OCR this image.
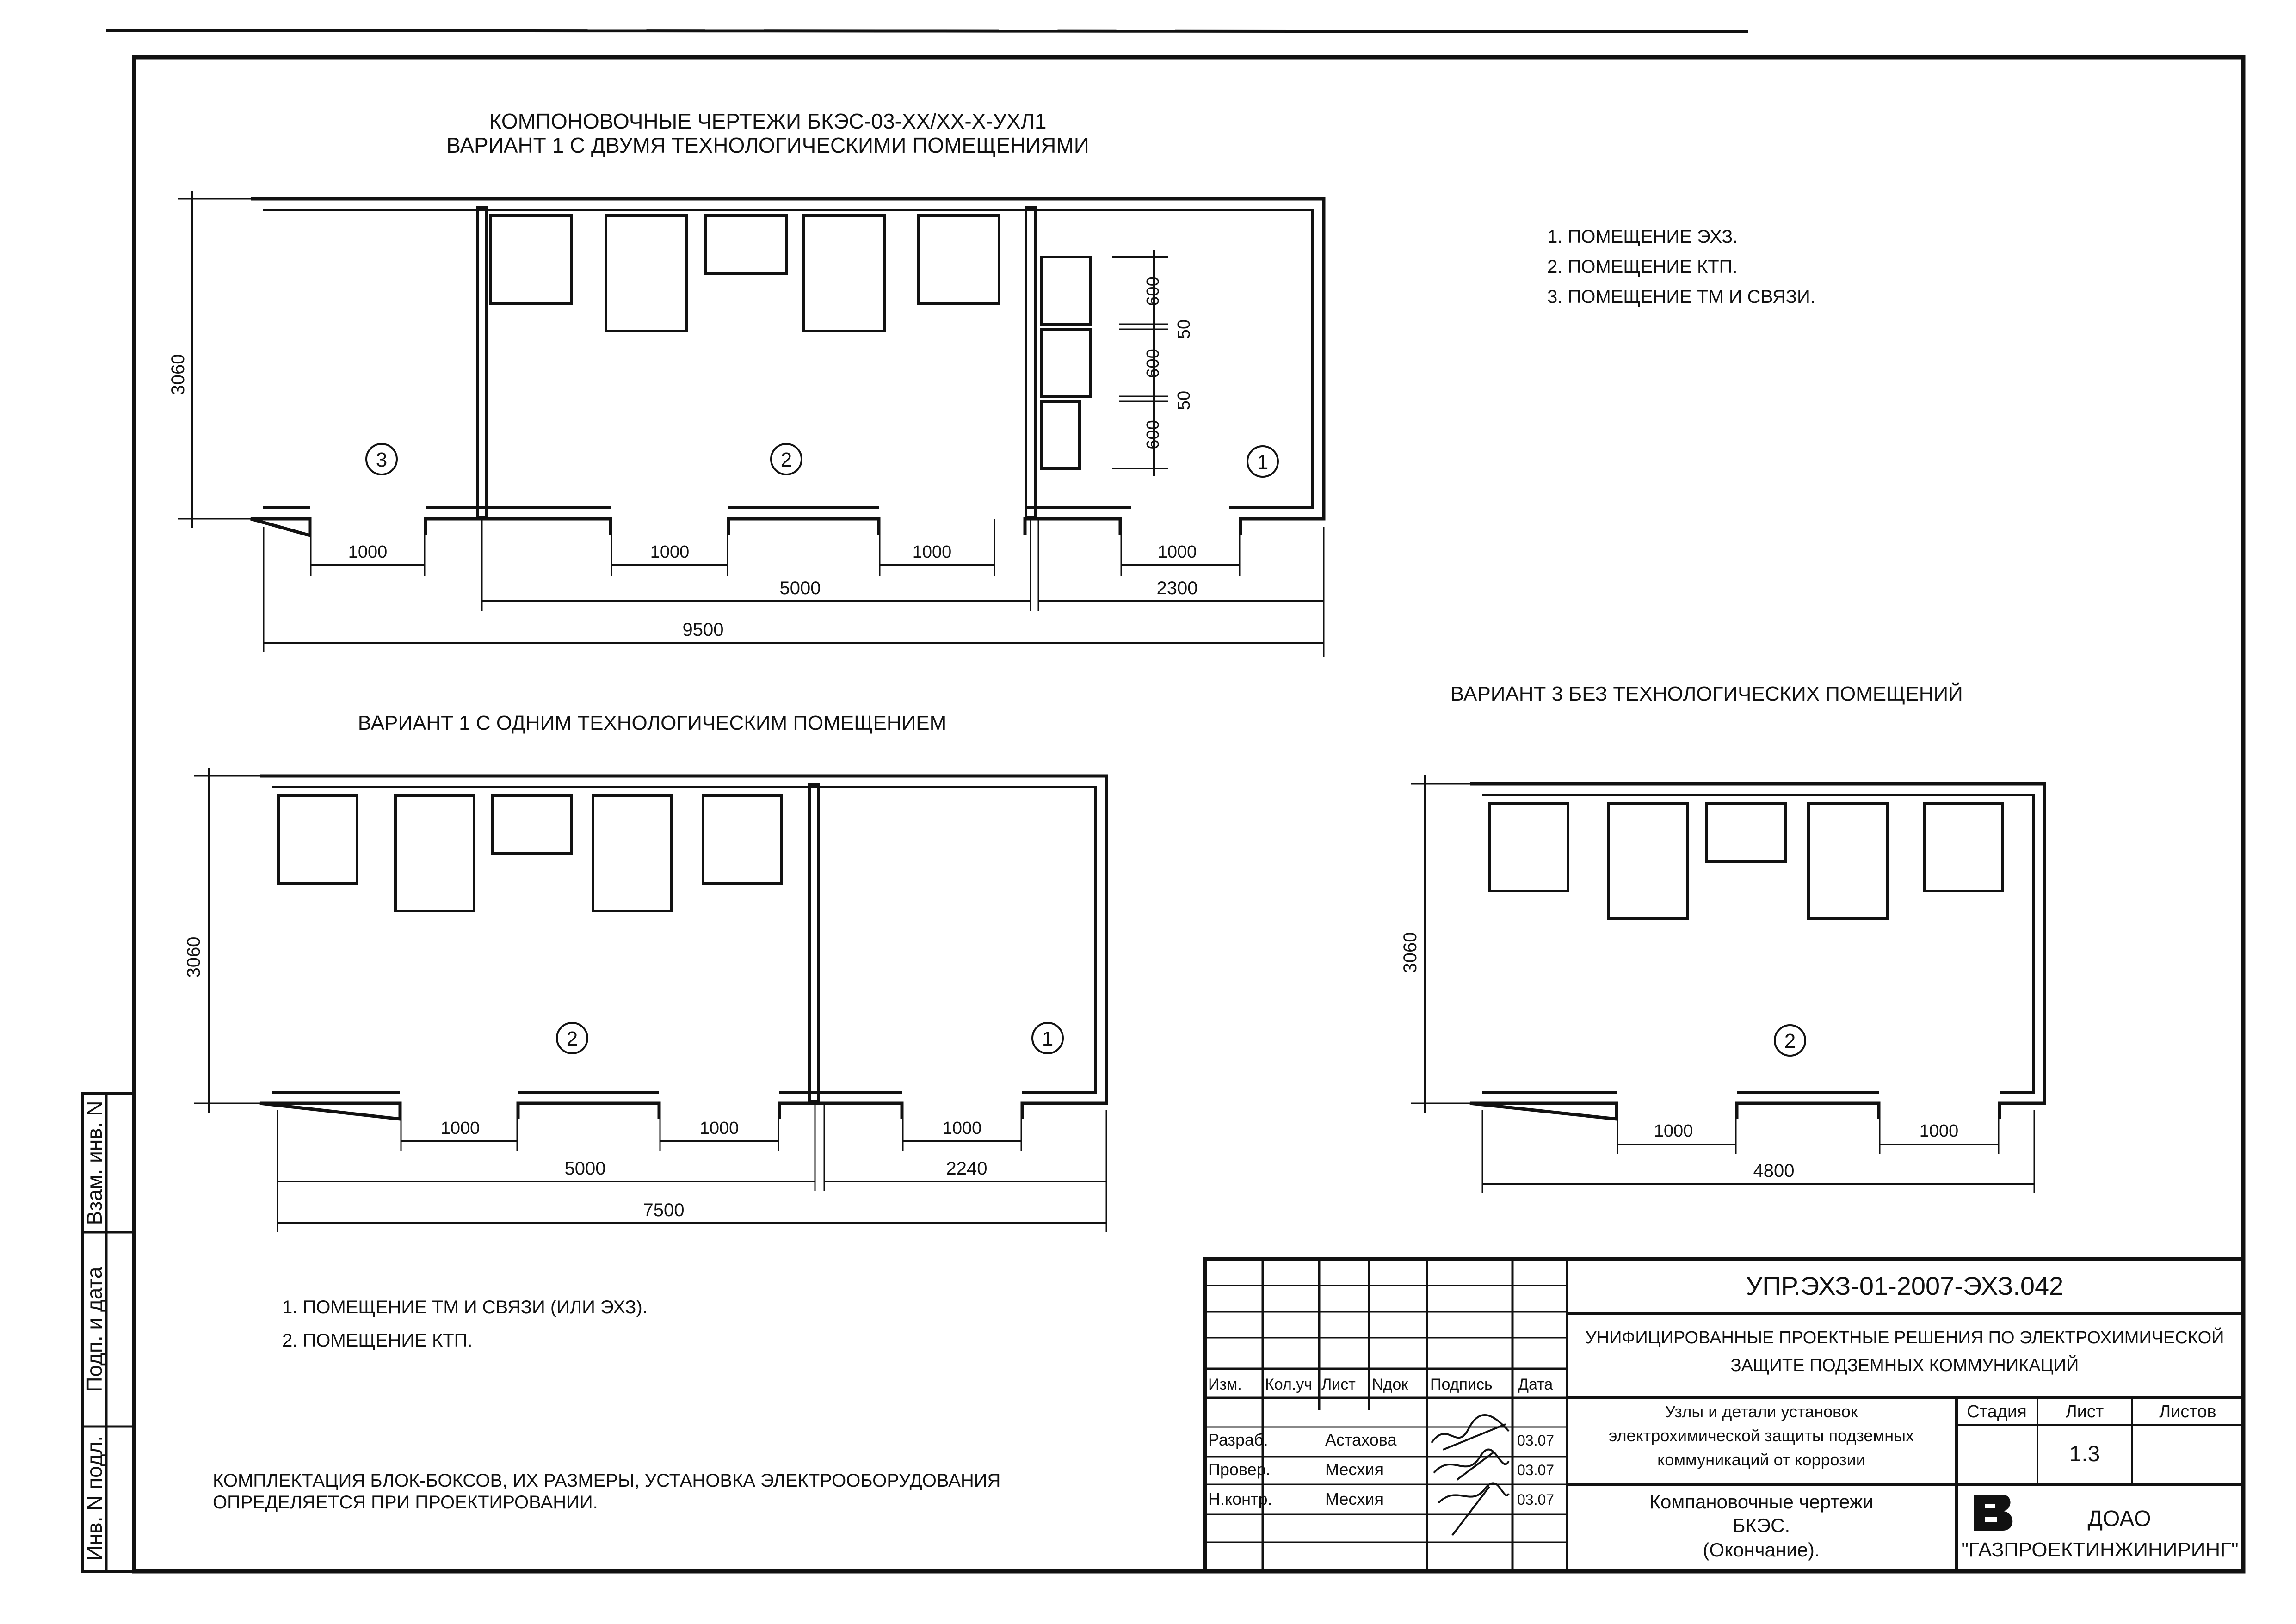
КОМПОНОВОЧНЫЕ ЧЕРТЕЖИ БКЭС-03-XX/XX-X-УХЛ1
ВАРИАНТ 1 С ДВУМЯ ТЕХНОЛОГИЧЕСКИМИ ПОМЕЩЕНИЯМИ
1. ПОМЕЩЕНИЕ ЭХЗ.
2. ПОМЕЩЕНИЕ КТП.
3. ПОМЕЩЕНИЕ ТМ И СВЯЗИ.
600
50
600
50
600
3	2	1
3060
1000	1000	1000	1000
5000	2300
9500
ВАРИАНТ 1 С ОДНИМ ТЕХНОЛОГИЧЕСКИМ ПОМЕЩЕНИЕМ
2	1
3060
1000	1000	1000
5000	2240
7500
ВАРИАНТ 3 БЕЗ ТЕХНОЛОГИЧЕСКИХ ПОМЕЩЕНИЙ
2
3060
1000	1000
4800
1. ПОМЕЩЕНИЕ ТМ И СВЯЗИ (ИЛИ ЭХЗ).
2. ПОМЕЩЕНИЕ КТП.
КОМПЛЕКТАЦИЯ БЛОК-БОКСОВ, ИХ РАЗМЕРЫ, УСТАНОВКА ЭЛЕКТРООБОРУДОВАНИЯ
ОПРЕДЕЛЯЕТСЯ ПРИ ПРОЕКТИРОВАНИИ.
Взам. инв. N
Подп. и дата
Инв. N подл.
Изм. Кол.уч Лист Nдок Подпись Дата
Разраб.	Астахова	03.07
Провер.	Месхия	03.07
Н.контр.	Месхия	03.07
УПР.ЭХЗ-01-2007-ЭХЗ.042
УНИФИЦИРОВАННЫЕ ПРОЕКТНЫЕ РЕШЕНИЯ ПО ЭЛЕКТРОХИМИЧЕСКОЙ
ЗАЩИТЕ ПОДЗЕМНЫХ КОММУНИКАЦИЙ
Узлы и детали установок
электрохимической защиты подземных
коммуникаций от коррозии
Компановочные чертежи
БКЭС.
(Окончание).
Стадия Лист	Листов
1.3
ДОАО
"ГАЗПРОЕКТИНЖИНИРИНГ"
